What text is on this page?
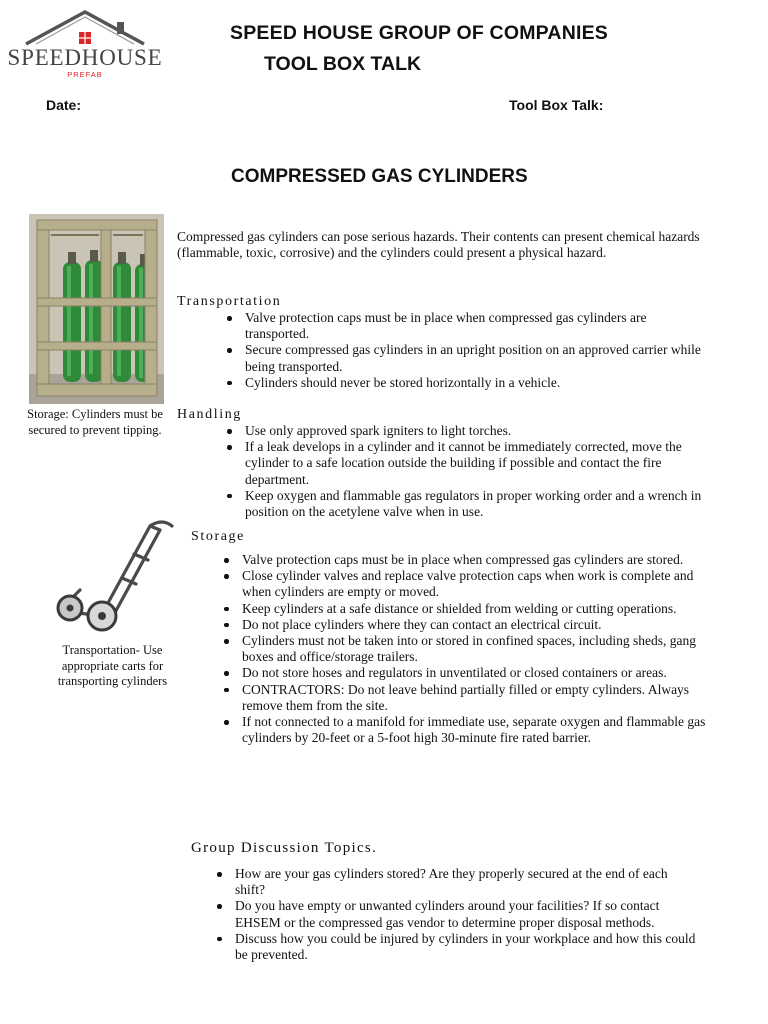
SPEEDHOUSE
PREFAB
SPEED HOUSE GROUP OF COMPANIES
TOOL BOX TALK
Date:	Tool Box Talk:
COMPRESSED GAS CYLINDERS
Storage: Cylinders must be secured to prevent tipping.
Transportation- Use appropriate carts for transporting cylinders
Compressed gas cylinders can pose serious hazards. Their contents can present chemical hazards (flammable, toxic, corrosive) and the cylinders could present a physical hazard.
Transportation
Valve protection caps must be in place when compressed gas cylinders are transported.
Secure compressed gas cylinders in an upright position on an approved carrier while being transported.
Cylinders should never be stored horizontally in a vehicle.
Handling
Use only approved spark igniters to light torches.
If a leak develops in a cylinder and it cannot be immediately corrected, move the cylinder to a safe location outside the building if possible and contact the fire department.
Keep oxygen and flammable gas regulators in proper working order and a wrench in position on the acetylene valve when in use.
Storage
Valve protection caps must be in place when compressed gas cylinders are stored.
Close cylinder valves and replace valve protection caps when work is complete and when cylinders are empty or moved.
Keep cylinders at a safe distance or shielded from welding or cutting operations.
Do not place cylinders where they can contact an electrical circuit.
Cylinders must not be taken into or stored in confined spaces, including sheds, gang boxes and office/storage trailers.
Do not store hoses and regulators in unventilated or closed containers or areas.
CONTRACTORS: Do not leave behind partially filled or empty cylinders. Always remove them from the site.
If not connected to a manifold for immediate use, separate oxygen and flammable gas cylinders by 20-feet or a 5-foot high 30-minute fire rated barrier.
Group Discussion Topics.
How are your gas cylinders stored? Are they properly secured at the end of each shift?
Do you have empty or unwanted cylinders around your facilities? If so contact EHSEM or the compressed gas vendor to determine proper disposal methods.
Discuss how you could be injured by cylinders in your workplace and how this could be prevented.
